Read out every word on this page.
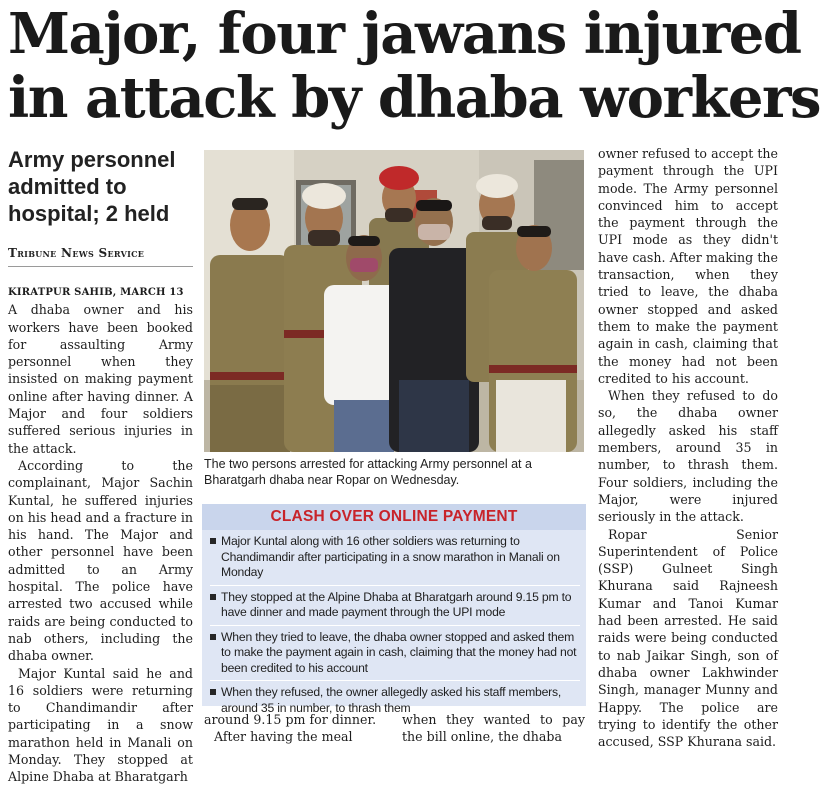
Major, four jawans injured
in attack by dhaba workers
Army personnel admitted to hospital; 2 held
Tribune News Service

KIRATPUR SAHIB, MARCH 13
A dhaba owner and his workers have been booked for assaulting Army personnel when they insisted on making payment online after having dinner. A Major and four soldiers suffered serious injuries in the attack.

According to the complainant, Major Sachin Kuntal, he suffered injuries on his head and a fracture in his hand. The Major and other personnel have been admitted to an Army hospital. The police have arrested two accused while raids are being conducted to nab others, including the dhaba owner.

Major Kuntal said he and 16 soldiers were returning to Chandimandir after participating in a snow marathon held in Manali on Monday. They stopped at Alpine Dhaba at Bharatgarh

The two persons arrested for attacking Army personnel at a Bharatgarh dhaba near Ropar on Wednesday.
CLASH OVER ONLINE PAYMENT
Major Kuntal along with 16 other soldiers was returning to Chandimandir after participating in a snow marathon in Manali on Monday
They stopped at the Alpine Dhaba at Bharatgarh around 9.15 pm to have dinner and made payment through the UPI mode
When they tried to leave, the dhaba owner stopped and asked them to make the payment again in cash, claiming that the money had not been credited to his account
When they refused, the owner allegedly asked his staff members, around 35 in number, to thrash them

around 9.15 pm for dinner.

After having the meal

when they wanted to pay the bill online, the dhaba

owner refused to accept the payment through the UPI mode. The Army personnel convinced him to accept the payment through the UPI mode as they didn't have cash. After making the transaction, when they tried to leave, the dhaba owner stopped and asked them to make the payment again in cash, claiming that the money had not been credited to his account.

When they refused to do so, the dhaba owner allegedly asked his staff members, around 35 in number, to thrash them. Four soldiers, including the Major, were injured seriously in the attack.

Ropar Senior Superintendent of Police (SSP) Gulneet Singh Khurana said Rajneesh Kumar and Tanoi Kumar had been arrested. He said raids were being conducted to nab Jaikar Singh, son of dhaba owner Lakhwinder Singh, manager Munny and Happy. The police are trying to identify the other accused, SSP Khurana said.
